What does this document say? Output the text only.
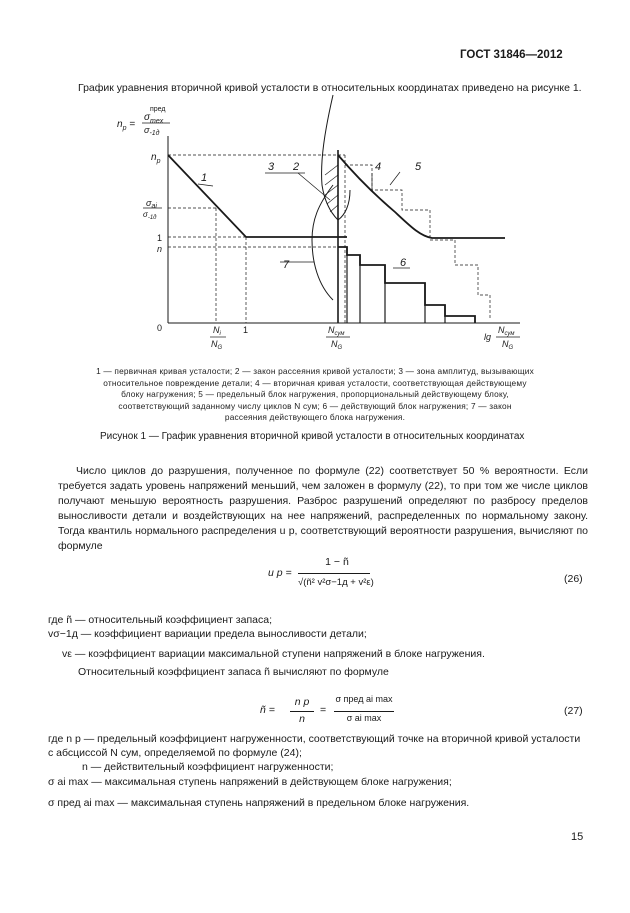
ГОСТ 31846—2012
График уравнения вторичной кривой усталости в относительных координатах приведено на рисунке 1.
$n_p$ =
$\sigma_{mex}$
пред
$\sigma_{-1д}$
$n_p$
$\sigma_{ai}$
$\sigma_{-1д}$
1
n
0
1
2
3	4	5
6
7
$N_i$
$N_G$
1	$N_{сум}$
$N_G$
lg
$N_{сум}$
$N_G$
1 — первичная кривая усталости; 2 — закон рассеяния кривой усталости; 3 — зона амплитуд, вызывающих
относительное повреждение детали; 4 — вторичная кривая усталости, соответствующая действующему
блоку нагружения; 5 — предельный блок нагружения, пропорциональный действующему блоку,
соответствующий заданному числу циклов N сум; 6 — действующий блок нагружения; 7 — закон
рассеяния действующего блока нагружения.
Рисунок 1 — График уравнения вторичной кривой усталости в относительных координатах
Число циклов до разрушения, полученное по формуле (22) соответствует 50 % вероятности. Если требуется задать уровень напряжений меньший, чем заложен в формулу (22), то при том же числе циклов получают меньшую вероятность разрушения. Разброс разрушений определяют по разбросу пределов выносливости детали и воздействующих на нее напряжений, распределенных по нормальному закону. Тогда квантиль нормального распределения u p, соответствующий вероятности разрушения, вычисляют по формуле
u p =
1 − ñ
√(ñ² v²σ−1д + v²ε)	(26)
где ñ — относительный коэффициент запаса;
vσ−1д — коэффициент вариации предела выносливости детали;
vε — коэффициент вариации максимальной ступени напряжений в блоке нагружения.
Относительный коэффициент запаса ñ вычисляют по формуле
ñ =
n p
n
=
σ пред ai max
σ ai max
(27)
где n p — предельный коэффициент нагруженности, соответствующий точке на вторичной кривой усталости
с абсциссой N сум, определяемой по формуле (24);
n — действительный коэффициент нагруженности;
σ ai max — максимальная ступень напряжений в действующем блоке нагружения;
σ пред ai max — максимальная ступень напряжений в предельном блоке нагружения.
15
